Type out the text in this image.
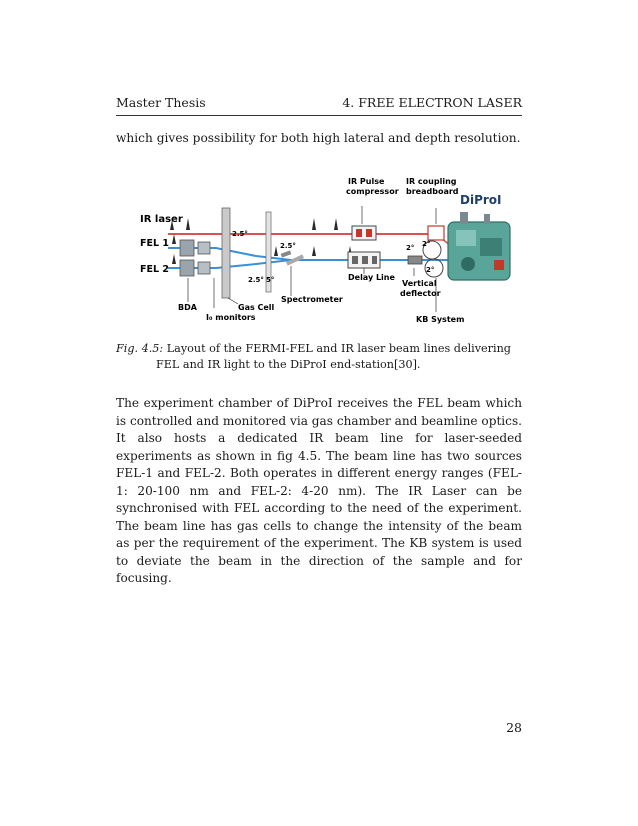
Master Thesis	4. FREE ELECTRON LASER
which gives possibility for both high lateral and depth resolution.
IR laser
FEL 1
FEL 2
BDA
I₀ monitors
Gas Cell
Spectrometer
Delay Line
IR Pulse
compressor
IR coupling
breadboard
DiProI
Vertical
deflector
KB System
2.5°
2.5°
2.5° 5°
2° 2°
2°
Fig. 4.5: Layout of the FERMI-FEL and IR laser beam lines delivering FEL and IR light to the DiProI end-station[30].
The experiment chamber of DiProI receives the FEL beam which is controlled and monitored via gas chamber and beamline optics. It also hosts a dedicated IR beam line for laser-seeded experiments as shown in fig 4.5. The beam line has two sources FEL-1 and FEL-2. Both operates in different energy ranges (FEL-1: 20-100 nm and FEL-2: 4-20 nm). The IR Laser can be synchronised with FEL according to the need of the experiment. The beam line has gas cells to change the intensity of the beam as per the requirement of the experiment. The KB system is used to deviate the beam in the direction of the sample and for focusing.
28
